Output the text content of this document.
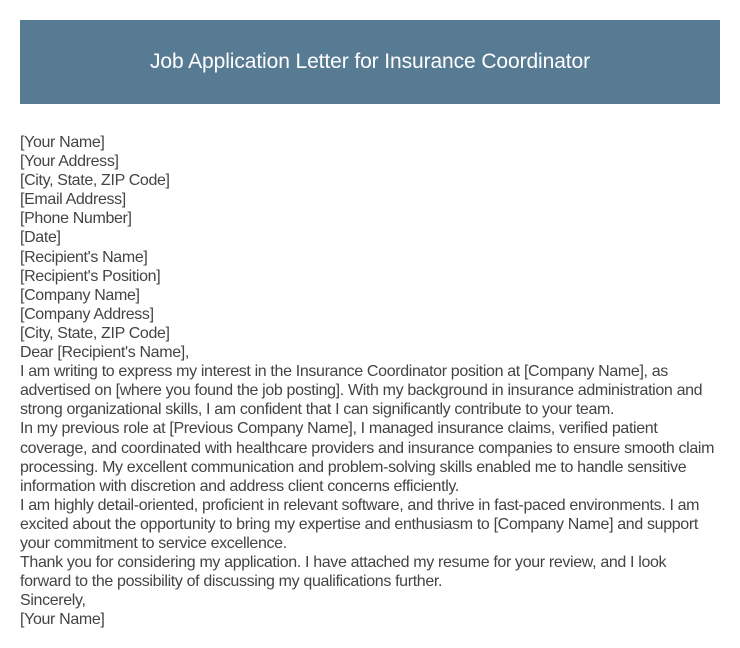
Job Application Letter for Insurance Coordinator

[Your Name]

[Your Address]

[City, State, ZIP Code]

[Email Address]

[Phone Number]

[Date]

[Recipient's Name]

[Recipient's Position]

[Company Name]

[Company Address]

[City, State, ZIP Code]

Dear [Recipient's Name],

I am writing to express my interest in the Insurance Coordinator position at [Company Name], as advertised on [where you found the job posting]. With my background in insurance administration and strong organizational skills, I am confident that I can significantly contribute to your team.

In my previous role at [Previous Company Name], I managed insurance claims, verified patient coverage, and coordinated with healthcare providers and insurance companies to ensure smooth claim processing. My excellent communication and problem-solving skills enabled me to handle sensitive information with discretion and address client concerns efficiently.

I am highly detail-oriented, proficient in relevant software, and thrive in fast-paced environments. I am excited about the opportunity to bring my expertise and enthusiasm to [Company Name] and support your commitment to service excellence.

Thank you for considering my application. I have attached my resume for your review, and I look forward to the possibility of discussing my qualifications further.

Sincerely,

[Your Name]
